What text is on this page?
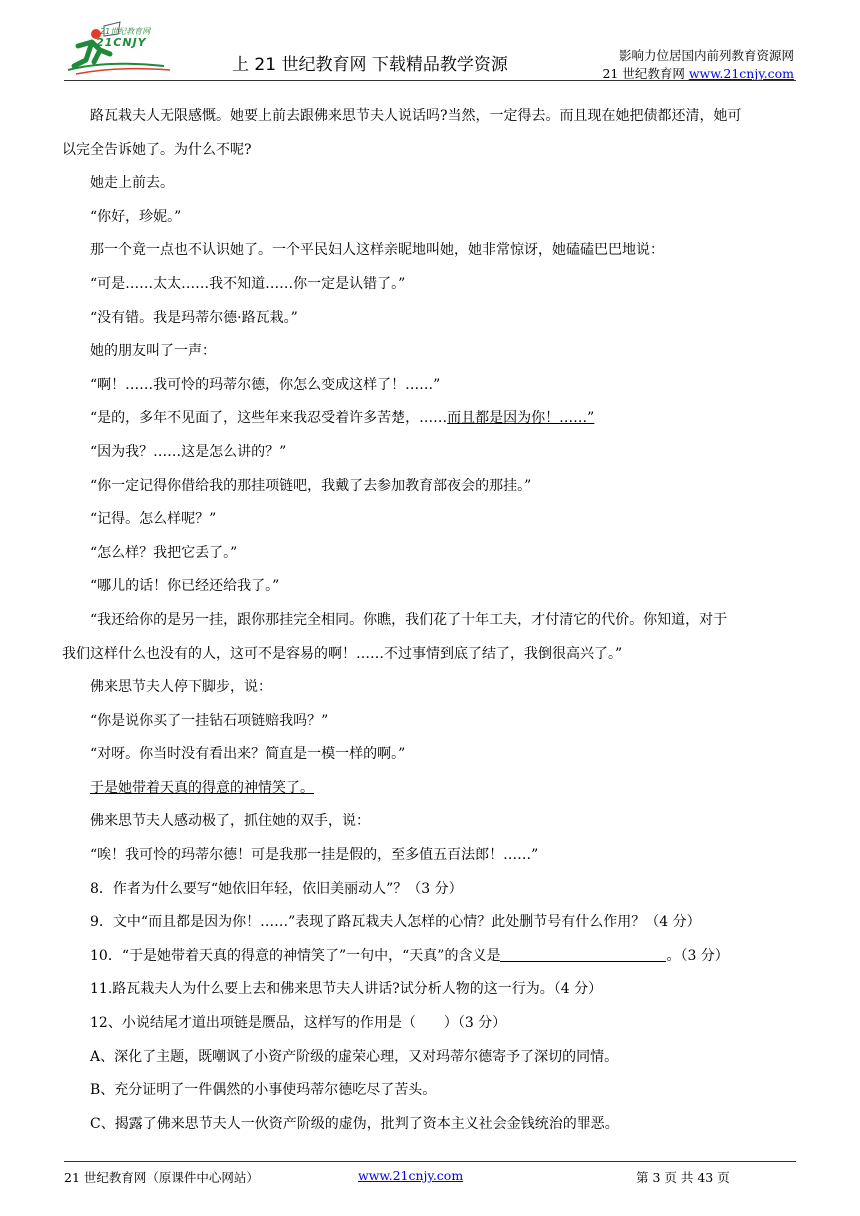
21世纪教育网
21CNJY
上 21 世纪教育网 下载精品教学资源	影响力位居国内前列教育资源网
21 世纪教育网 www.21cnjy.com
路瓦栽夫人无限感慨。她要上前去跟佛来思节夫人说话吗?当然，一定得去。而且现在她把债都还清，她可
以完全告诉她了。为什么不呢?
她走上前去。
“你好，珍妮。”
那一个竟一点也不认识她了。一个平民妇人这样亲昵地叫她，她非常惊讶，她磕磕巴巴地说：
“可是……太太……我不知道……你一定是认错了。”
“没有错。我是玛蒂尔德·路瓦栽。”
她的朋友叫了一声：
“啊！……我可怜的玛蒂尔德，你怎么变成这样了！……”
“是的，多年不见面了，这些年来我忍受着许多苦楚，……而且都是因为你！……”
“因为我？……这是怎么讲的？”
“你一定记得你借给我的那挂项链吧，我戴了去参加教育部夜会的那挂。”
“记得。怎么样呢？”
“怎么样？我把它丢了。”
“哪儿的话！你已经还给我了。”
“我还给你的是另一挂，跟你那挂完全相同。你瞧，我们花了十年工夫，才付清它的代价。你知道，对于
我们这样什么也没有的人，这可不是容易的啊！……不过事情到底了结了，我倒很高兴了。”
佛来思节夫人停下脚步，说：
“你是说你买了一挂钻石项链赔我吗？”
“对呀。你当时没有看出来？简直是一模一样的啊。”
于是她带着天真的得意的神情笑了。
佛来思节夫人感动极了，抓住她的双手，说：
“唉！我可怜的玛蒂尔德！可是我那一挂是假的，至多值五百法郎！……”
8．作者为什么要写“她依旧年轻，依旧美丽动人”？（3 分）
9．文中“而且都是因为你！……”表现了路瓦栽夫人怎样的心情？此处删节号有什么作用？（4 分）
10．“于是她带着天真的得意的神情笑了”一句中，“天真”的含义是	。（3 分）
11.路瓦栽夫人为什么要上去和佛来思节夫人讲话?试分析人物的这一行为。（4 分）
12、小说结尾才道出项链是赝品，这样写的作用是（　　）（3 分）
A、深化了主题，既嘲讽了小资产阶级的虚荣心理，又对玛蒂尔德寄予了深切的同情。
B、充分证明了一件偶然的小事使玛蒂尔德吃尽了苦头。
C、揭露了佛来思节夫人一伙资产阶级的虚伪，批判了资本主义社会金钱统治的罪恶。
21 世纪教育网（原课件中心网站）	www.21cnjy.com	第 3 页 共 43 页
